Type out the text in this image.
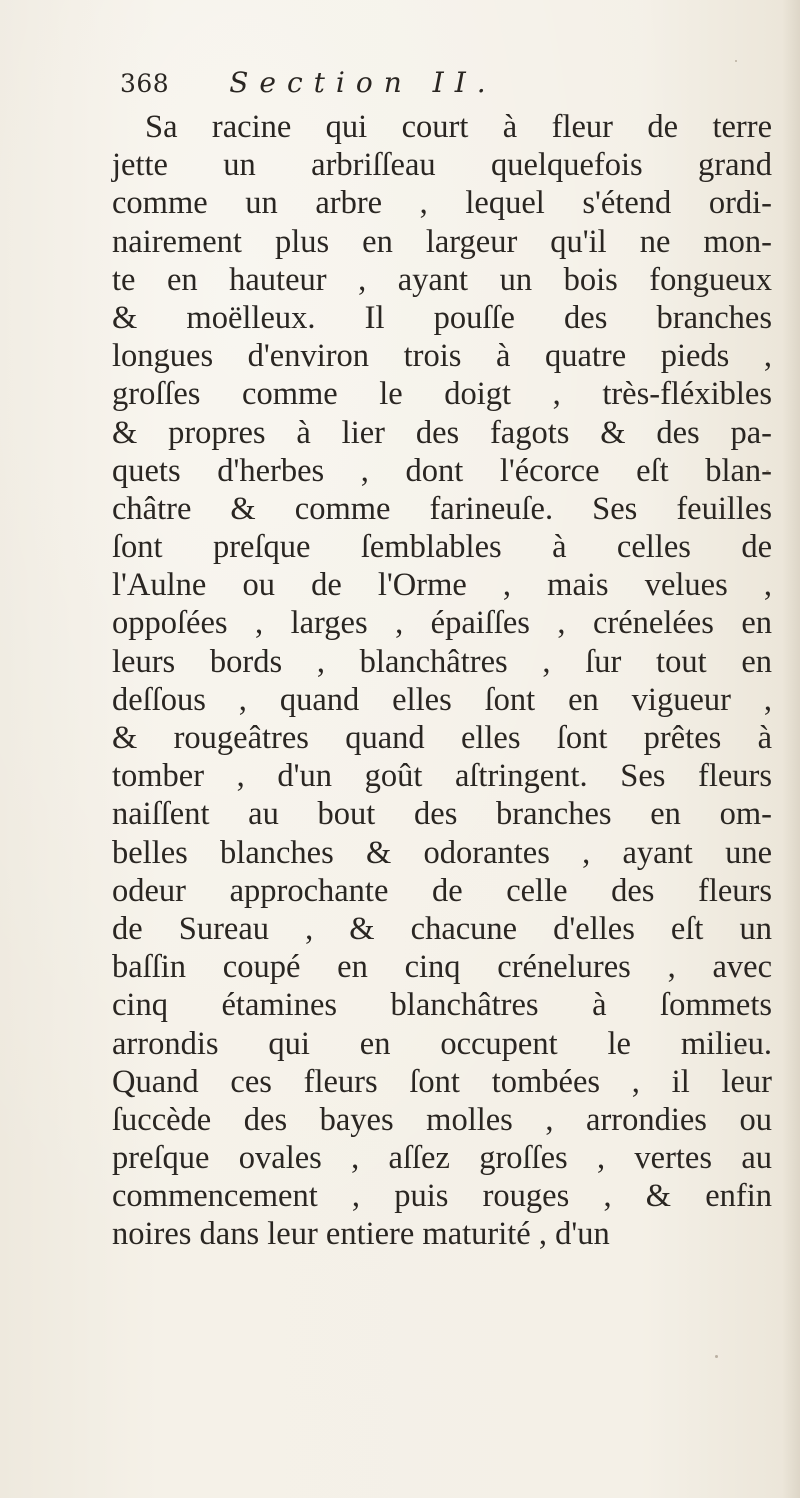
368 Section II.
Sa racine qui court à fleur de terre
jette un arbriſſeau quelquefois grand
comme un arbre , lequel s'étend ordi-
nairement plus en largeur qu'il ne mon-
te en hauteur , ayant un bois fongueux
& moëlleux. Il pouſſe des branches
longues d'environ trois à quatre pieds ,
groſſes comme le doigt , très-fléxibles
& propres à lier des fagots & des pa-
quets d'herbes , dont l'écorce eſt blan-
châtre & comme farineuſe. Ses feuilles
ſont preſque ſemblables à celles de
l'Aulne ou de l'Orme , mais velues ,
oppoſées , larges , épaiſſes , crénelées en
leurs bords , blanchâtres , ſur tout en
deſſous , quand elles ſont en vigueur ,
& rougeâtres quand elles ſont prêtes à
tomber , d'un goût aſtringent. Ses fleurs
naiſſent au bout des branches en om-
belles blanches & odorantes , ayant une
odeur approchante de celle des fleurs
de Sureau , & chacune d'elles eſt un
baſſin coupé en cinq crénelures , avec
cinq étamines blanchâtres à ſommets
arrondis qui en occupent le milieu.
Quand ces fleurs ſont tombées , il leur
ſuccède des bayes molles , arrondies ou
preſque ovales , aſſez groſſes , vertes au
commencement , puis rouges , & enfin
noires dans leur entiere maturité , d'un
